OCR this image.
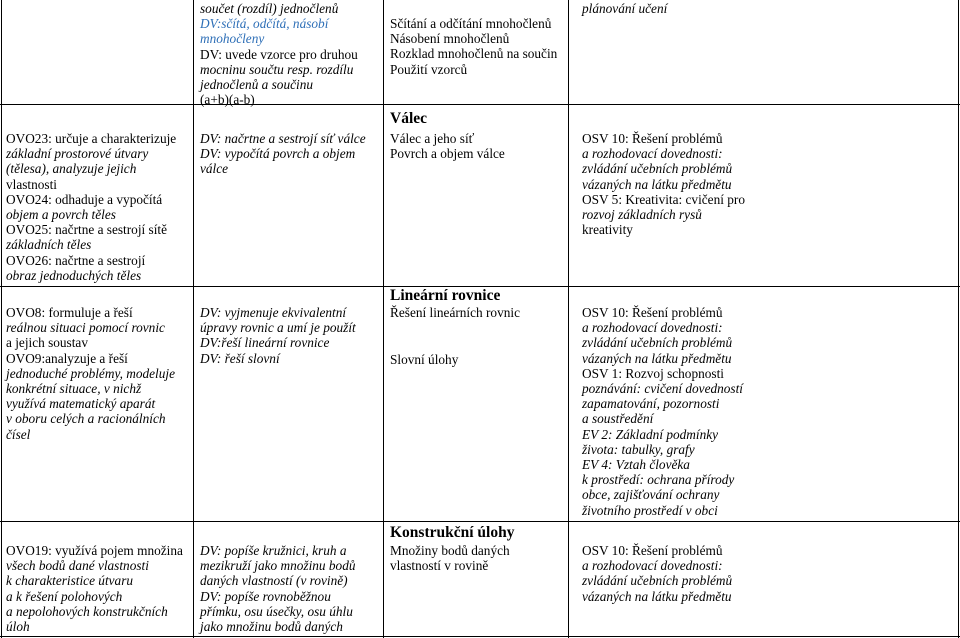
OVO23: určuje a charakterizuje
základní prostorové útvary
(tělesa), analyzuje jejich
vlastnosti
OVO24: odhaduje a vypočítá
objem a povrch těles
OVO25: načrtne a sestrojí sítě
základních těles
OVO26: načrtne a sestrojí
obraz jednoduchých těles
OVO8: formuluje a řeší
reálnou situaci pomocí rovnic
a jejich soustav
OVO9:analyzuje a řeší
jednoduché problémy, modeluje
konkrétní situace, v nichž
využívá matematický aparát
v oboru celých a racionálních
čísel
OVO19: využívá pojem množina
všech bodů dané vlastnosti
k charakteristice útvaru
a k řešení polohových
a nepolohových konstrukčních
úloh
součet (rozdíl) jednočlenů
DV:sčítá, odčítá, násobí
mnohočleny
DV: uvede vzorce pro druhou
mocninu součtu resp. rozdílu
jednočlenů a součinu
(a+b)(a-b)
DV: načrtne a sestrojí síť válce
DV: vypočítá povrch a objem
válce
DV: vyjmenuje ekvivalentní
úpravy rovnic a umí je použít
DV:řeší lineární rovnice
DV: řeší slovní
DV: popíše kružnici, kruh a
mezikruží jako množinu bodů
daných vlastností (v rovině)
DV: popíše rovnoběžnou
přímku, osu úsečky, osu úhlu
jako množinu bodů daných
Sčítání a odčítání mnohočlenů
Násobení mnohočlenů
Rozklad mnohočlenů na součin
Použití vzorců
Válec
Válec a jeho síť
Povrch a objem válce
Lineární rovnice
Řešení lineárních rovnic
Slovní úlohy
Konstrukční úlohy
Množiny bodů daných
vlastností v rovině
plánování učení
OSV 10: Řešení problémů
a rozhodovací dovednosti:
zvládání učebních problémů
vázaných na látku předmětu
OSV 5: Kreativita: cvičení pro
rozvoj základních rysů
kreativity
OSV 10: Řešení problémů
a rozhodovací dovednosti:
zvládání učebních problémů
vázaných na látku předmětu
OSV 1: Rozvoj schopnosti
poznávání: cvičení dovedností
zapamatování, pozornosti
a soustředění
EV 2: Základní podmínky
života: tabulky, grafy
EV 4: Vztah člověka
k prostředí: ochrana přírody
obce, zajišťování ochrany
životního prostředí v obci
OSV 10: Řešení problémů
a rozhodovací dovednosti:
zvládání učebních problémů
vázaných na látku předmětu
